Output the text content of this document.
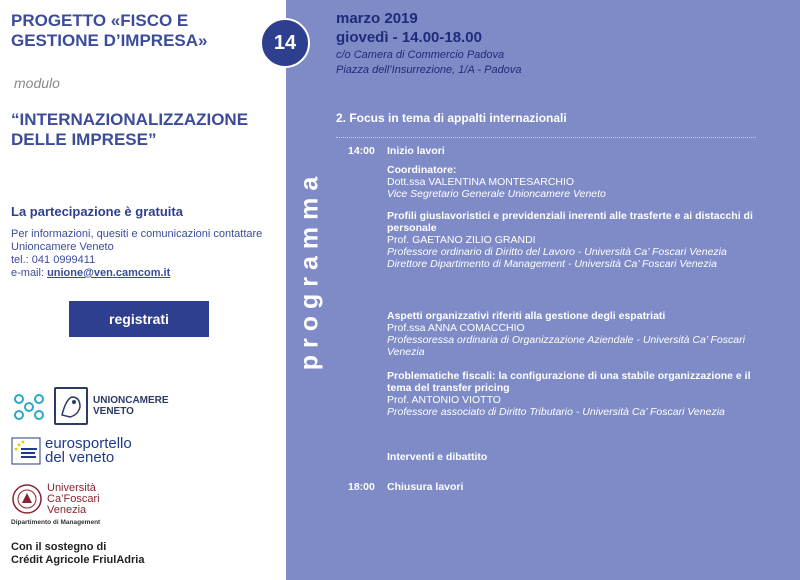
PROGETTO «FISCO E GESTIONE D’IMPRESA»
modulo
“INTERNAZIONALIZZAZIONE DELLE IMPRESE”
La partecipazione è gratuita
Per informazioni, quesiti e comunicazioni contattare Unioncamere Veneto
tel.: 041 0999411
e-mail: unione@ven.camcom.it
registrati
UNIONCAMERE
VENETO
eurosportello
del veneto
Università
Ca’Foscari
Venezia
Dipartimento di Management
Con il sostegno di
Crédit Agricole FriulAdria
14
programma
marzo 2019
giovedì - 14.00-18.00
c/o Camera di Commercio Padova
Piazza dell’Insurrezione, 1/A - Padova
2. Focus in tema di appalti internazionali
14:00 Inizio lavori
Coordinatore:
Dott.ssa VALENTINA MONTESARCHIO
Vice Segretario Generale Unioncamere Veneto
Profili giuslavoristici e previdenziali inerenti alle trasferte e ai distacchi di personale
Prof. GAETANO ZILIO GRANDI
Professore ordinario di Diritto del Lavoro - Università Ca’ Foscari Venezia
Direttore Dipartimento di Management - Università Ca’ Foscari Venezia
Aspetti organizzativi riferiti alla gestione degli espatriati
Prof.ssa ANNA COMACCHIO
Professoressa ordinaria di Organizzazione Aziendale - Università Ca’ Foscari Venezia
Problematiche fiscali: la configurazione di una stabile organizzazione e il tema del transfer pricing
Prof. ANTONIO VIOTTO
Professore associato di Diritto Tributario - Università Ca’ Foscari Venezia
Interventi e dibattito
18:00 Chiusura lavori
